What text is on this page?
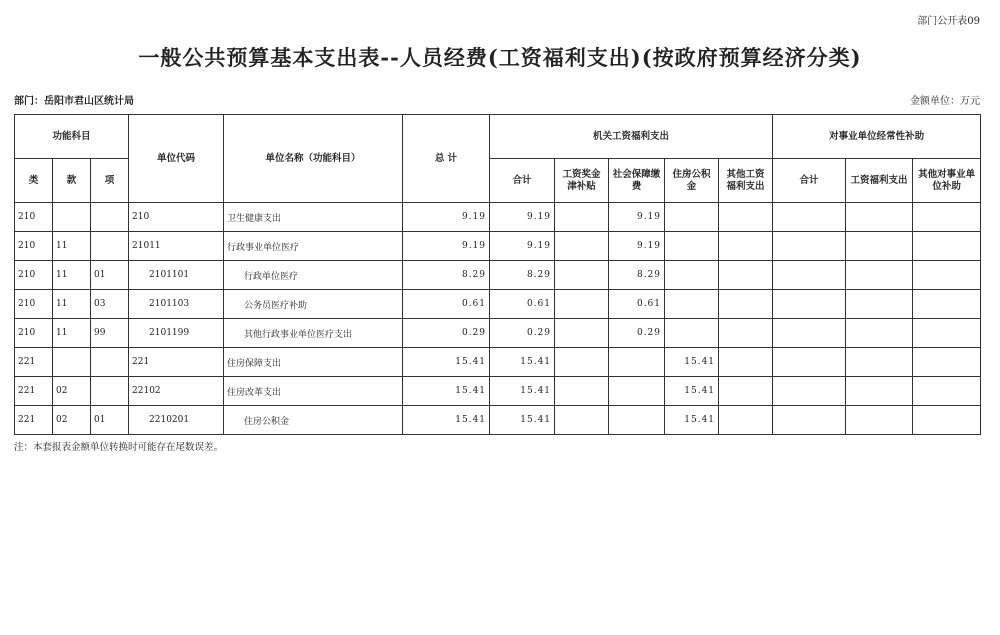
部门公开表09
一般公共预算基本支出表--人员经费(工资福利支出)(按政府预算经济分类)
部门：岳阳市君山区统计局	金额单位：万元
功能科目			单位代码	单位名称（功能科目）	总 计	机关工资福利支出					对事业单位经常性补助		
类	款	项				合计	工资奖金津补贴	社会保障缴费	住房公积金	其他工资福利支出	合计	工资福利支出	其他对事业单位补助
210			210	卫生健康支出	9.19	9.19		9.19					
210	11		21011	行政事业单位医疗	9.19	9.19		9.19					
210	11	01	2101101	行政单位医疗	8.29	8.29		8.29					
210	11	03	2101103	公务员医疗补助	0.61	0.61		0.61					
210	11	99	2101199	其他行政事业单位医疗支出	0.29	0.29		0.29					
221			221	住房保障支出	15.41	15.41			15.41				
221	02		22102	住房改革支出	15.41	15.41			15.41				
221	02	01	2210201	住房公积金	15.41	15.41			15.41				
注：本套报表金额单位转换时可能存在尾数误差。
